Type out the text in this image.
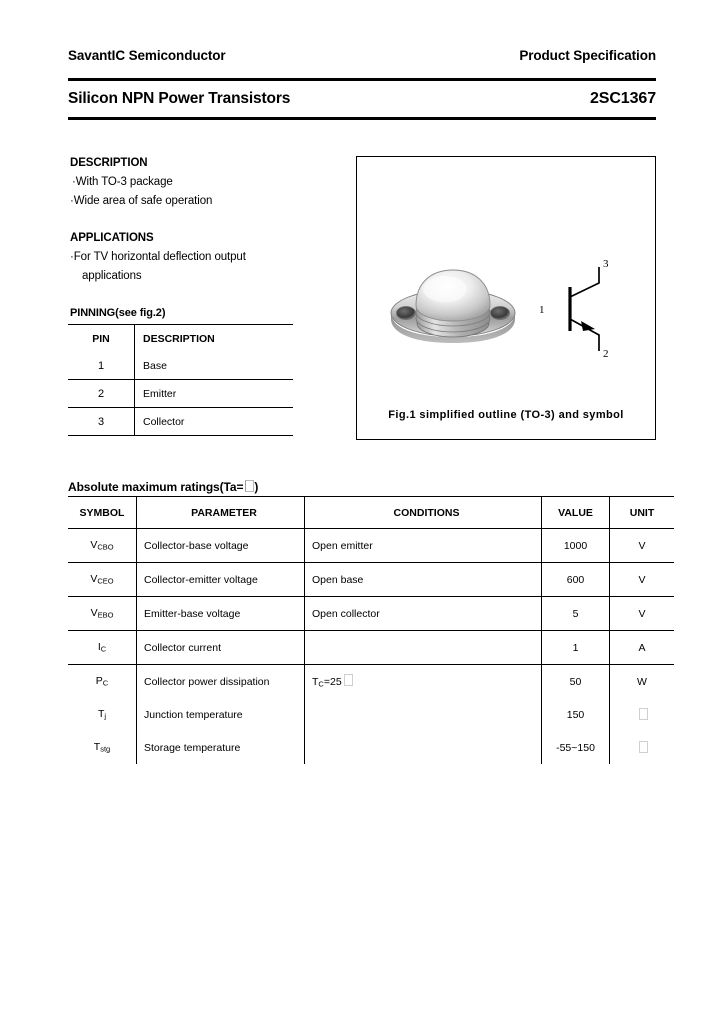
SavantIC Semiconductor	Product Specification
Silicon NPN Power Transistors	2SC1367
DESCRIPTION
·With TO-3 package
·Wide area of safe operation
APPLICATIONS
·For TV horizontal deflection output
applications
PINNING(see fig.2)
PIN	DESCRIPTION
1	Base
2	Emitter
3	Collector
1
3
2
Fig.1 simplified outline (TO-3) and symbol
Absolute maximum ratings(Ta= )
SYMBOL	PARAMETER	CONDITIONS	VALUE	UNIT
$V_{CBO}$	Collector-base voltage	Open emitter	1000	V
$V_{CEO}$	Collector-emitter voltage	Open base	600	V
$V_{EBO}$	Emitter-base voltage	Open collector	5	V
$I_C$	Collector current		1	A
$P_C$	Collector power dissipation	$T_C=25$	50	W
$T_j$	Junction temperature		150	
$T_{stg}$	Storage temperature		-55~150	
